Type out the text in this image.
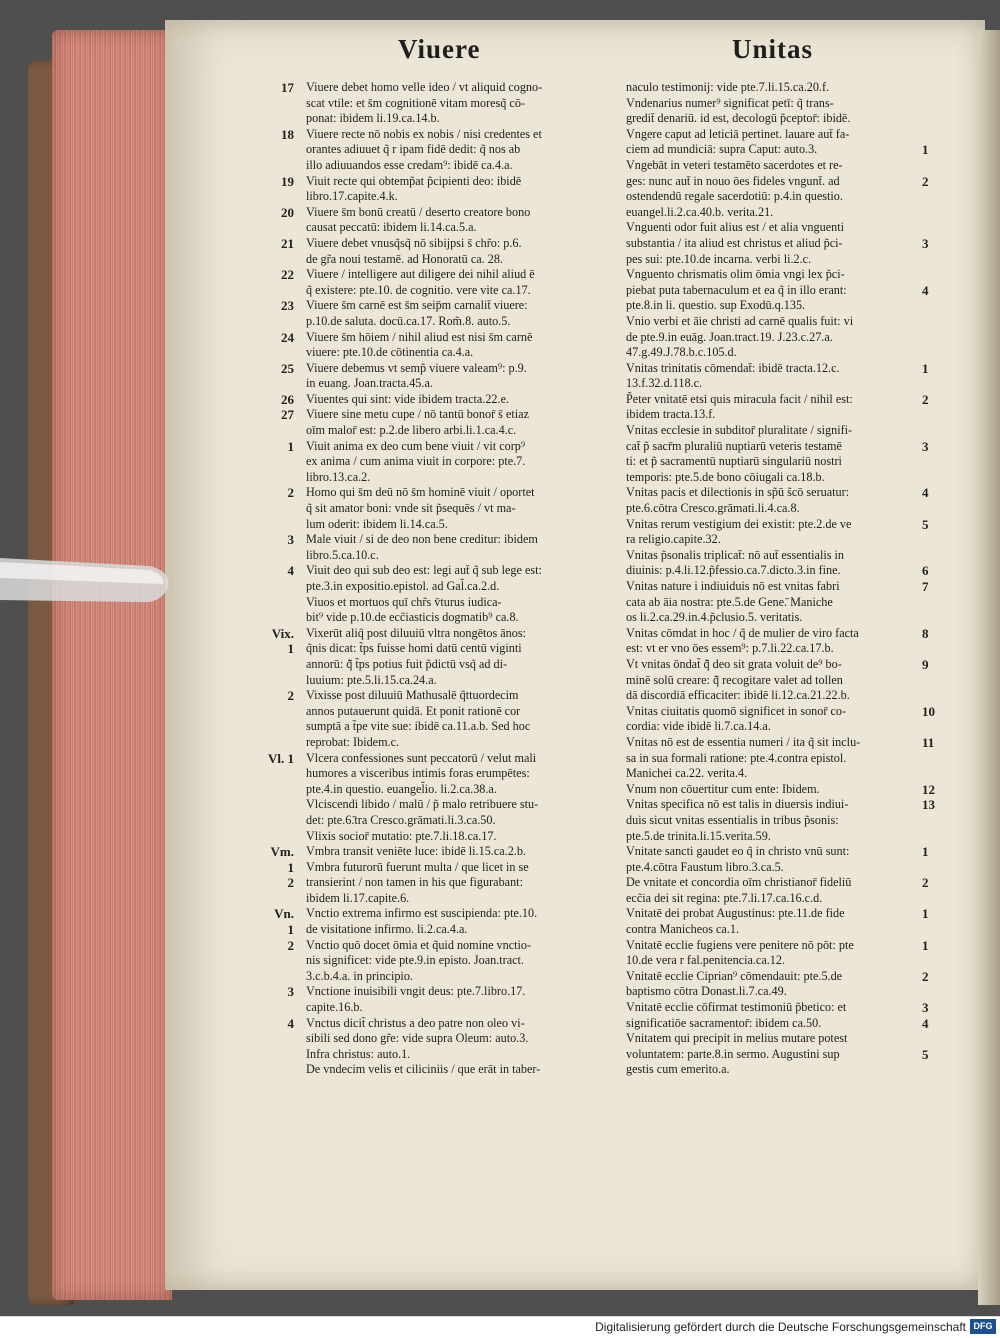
Viuere	Unitas
17 Viuere debet homo velle ideo / vt aliquid cogno-
scat vtile: et s̄m cognitionē vitam moresq̃ cō-
ponat: ibidem li.19.ca.14.b.
18 Viuere recte nō nobis ex nobis / nisi credentes et
orantes adiuuet q̃ r ipam fidē dedit: q̃ nos ab
illo adiuuandos esse credam⁹: ibidē ca.4.a.
19 Viuit recte qui obtemp̃at p̃cipienti deo: ibidē
libro.17.capite.4.k.
20 Viuere s̄m bonū creatū / deserto creatore bono
causat peccatū: ibidem li.14.ca.5.a.
21 Viuere debet vnusq̃sq̃ nō sibijpsi s̄ chr̃o: p.6.
de gr̃a noui testamē. ad Honoratū ca. 28.
22 Viuere / intelligere aut diligere dei nihil aliud ē
q̃ existere: pte.10. de cognitio. vere vite ca.17.
23 Viuere s̄m carnē est s̄m seip̄m carnalit̄ viuere:
p.10.de saluta. docū.ca.17. Rom̃.8. auto.5.
24 Viuere s̄m hōiem / nihil aliud est nisi s̄m carnē
viuere: pte.10.de cōtinentia ca.4.a.
25 Viuere debemus vt semp̃ viuere valeam⁹: p.9.
in euang. Joan.tracta.45.a.
26 Viuentes qui sint: vide ibidem tracta.22.e.
27 Viuere sine metu cupe / nō tantū bonor̄ s̄ etiaz
oīm malor̄ est: p.2.de libero arbi.li.1.ca.4.c.
1 Viuit anima ex deo cum bene viuit / vit corp⁹
ex anima / cum anima viuit in corpore: pte.7.
libro.13.ca.2.
2 Homo qui s̄m deū nō s̄m hominē viuit / oportet
q̃ sit amator boni: vnde sit p̃sequēs / vt ma-
lum oderit: ibidem li.14.ca.5.
3 Male viuit / si de deo non bene creditur: ibidem
libro.5.ca.10.c.
4 Viuit deo qui sub deo est: legi aut̄ q̃ sub lege est:
pte.3.in expositio.epistol. ad Gal̃.ca.2.d.
Viuos et mortuos quī chr̃s v̄turus iudica-
bit⁹ vide p.10.de ecc̃iasticis dogmatib⁹ ca.8.
Vix. Vixerūt aliq̃ post diluuiū vltra nongētos ānos:
1 q̃nis dicat: t̃ps fuisse homi datū centū viginti
annorū: q̃̄ t̃ps potius fuit p̃dictū vsq̃ ad di-
luuium: pte.5.li.15.ca.24.a.
2 Vixisse post diluuiū Mathusalē q̃ttuordecim
annos putauerunt quidā. Et ponit rationē cor
sumptā a t̃pe vite sue: ibidē ca.11.a.b. Sed hoc
reprobat: Ibidem.c.
Vl. 1 Vlcera confessiones sunt peccatorū / velut mali
humores a visceribus intimis foras erumpētes:
pte.4.in questio. euangel̃io. li.2.ca.38.a.
Vlciscendi libido / malū / p̃ malo retribuere stu-
det: pte.6.̄tra Cresco.grāmati.li.3.ca.50.
Vlixis socior̄ mutatio: pte.7.li.18.ca.17.
Vm. Vmbra transit veniēte luce: ibidē li.15.ca.2.b.
1 Vmbra futurorū fuerunt multa / que licet in se
2 transierint / non tamen in his que figurabant:
ibidem li.17.capite.6.
Vn. Vnctio extrema infirmo est suscipienda: pte.10.
1 de visitatione infirmo. li.2.ca.4.a.
2 Vnctio quō docet ōmia et q̃uid nomine vnctio-
nis significet: vide pte.9.in episto. Joan.tract.
3.c.b.4.a. in principio.
3 Vnctione inuisibili vngit deus: pte.7.libro.17.
capite.16.b.
4 Vnctus dicit̃ christus a deo patre non oleo vi-
sibili sed dono gr̃e: vide supra Oleum: auto.3.
Infra christus: auto.1.
De vndecim velis et ciliciniis / que erāt in taber-
naculo testimonij: vide pte.7.li.15.ca.20.f.
Vndenarius numer⁹ significat petī: q̃ trans-
gredit̄ denariū. id est, decologū p̃ceptor̄: ibidē.
Vngere caput ad leticiā pertinet. lauare aut̄ fa-
1
ciem ad mundiciā: supra Caput: auto.3.
Vngebāt in veteri testamēto sacerdotes et re-
2
ges: nunc aut̄ in nouo ōes fideles vngunt̄. ad
ostendendū regale sacerdotiū: p.4.in questio.
euangel.li.2.ca.40.b. verita.21.
Vnguenti odor fuit alius est / et alia vnguenti
3
substantia / ita aliud est christus et aliud p̃ci-
pes sui: pte.10.de incarna. verbi li.2.c.
Vnguento chrismatis olim ōmia vngi lex p̃ci-
4
piebat puta tabernaculum et ea q̃ in illo erant:
pte.8.in li. questio. sup Exodū.q.135.
Vnio verbi et āie christi ad carnē qualis fuit: vi
de pte.9.in euāg. Joan.tract.19. J.23.c.27.a.
47.g.49.J.78.b.c.105.d.
1
Vnitas trinitatis cōmendat̄: ibidē tracta.12.c.
13.f.32.d.118.c.
2
P̃eter vnitatē etsi quis miracula facit / nihil est:
ibidem tracta.13.f.
Vnitas ecclesie in subditor̄ pluralitate / signifi-
3
cat̄ p̃ sacr̄m pluraliū nuptiarū veteris testamē
ti: et p̃ sacramentū nuptiarū singulariū nostri
temporis: pte.5.de bono cōiugali ca.18.b.
4
Vnitas pacis et dilectionis in sp̃ū s̃cō seruatur:
pte.6.cōtra Cresco.grāmati.li.4.ca.8.
5
Vnitas rerum vestigium dei existit: pte.2.de ve
ra religio.capite.32.
Vnitas p̃sonalis triplicat̄: nō aut̄ essentialis in
6
diuinis: p.4.li.12.p̃fessio.ca.7.dicto.3.in fine.
7
Vnitas nature i indiuiduis nō est vnitas fabri
cata ab āia nostra: pte.5.de Gene.̄ Maniche
os li.2.ca.29.in.4.p̃clusio.5. veritatis.
8
Vnitas cōmdat in hoc / q̃ de mulier de viro facta
est: vt er vno ōes essem⁹: p.7.li.22.ca.17.b.
9
Vt vnitas ōndat̃ q̃̄ deo sit grata voluit de⁹ bo-
minē solū creare: q̃̄ recogitare valet ad tollen
dā discordiā efficaciter: ibidē li.12.ca.21.22.b.
10
Vnitas ciuitatis quomō significet in sonor̄ co-
cordia: vide ibidē li.7.ca.14.a.
11
Vnitas nō est de essentia numeri / ita q̃ sit inclu-
sa in sua formali ratione: pte.4.contra epistol.
Manichei ca.22. verita.4.
12
Vnum non cōuertitur cum ente: Ibidem.
13
Vnitas specifica nō est talis in diuersis indiui-
duis sicut vnitas essentialis in tribus p̃sonis:
pte.5.de trinita.li.15.verita.59.
1
Vnitate sancti gaudet eo q̃ in christo vnū sunt:
pte.4.cōtra Faustum libro.3.ca.5.
2
De vnitate et concordia oīm christianor̄ fideliū
ecc̃ia dei sit regina: pte.7.li.17.ca.16.c.d.
1
Vnitatē dei probat Augustinus: pte.11.de fide
contra Manicheos ca.1.
1
Vnitatē ecclie fugiens vere penitere nō pōt: pte
10.de vera r fal.penitencia.ca.12.
2
Vnitatē ecclie Ciprian⁹ cōmendauit: pte.5.de
baptismo cōtra Donast.li.7.ca.49.
3
Vnitatē ecclie cōfirmat testimoniū p̃betico: et
4
significatiōe sacramentor̄: ibidem ca.50.
Vnitatem qui precipit in melius mutare potest
5
voluntatem: parte.8.in sermo. Augustini sup
gestis cum emerito.a.
Digitalisierung gefördert durch die Deutsche Forschungsgemeinschaft DFG
